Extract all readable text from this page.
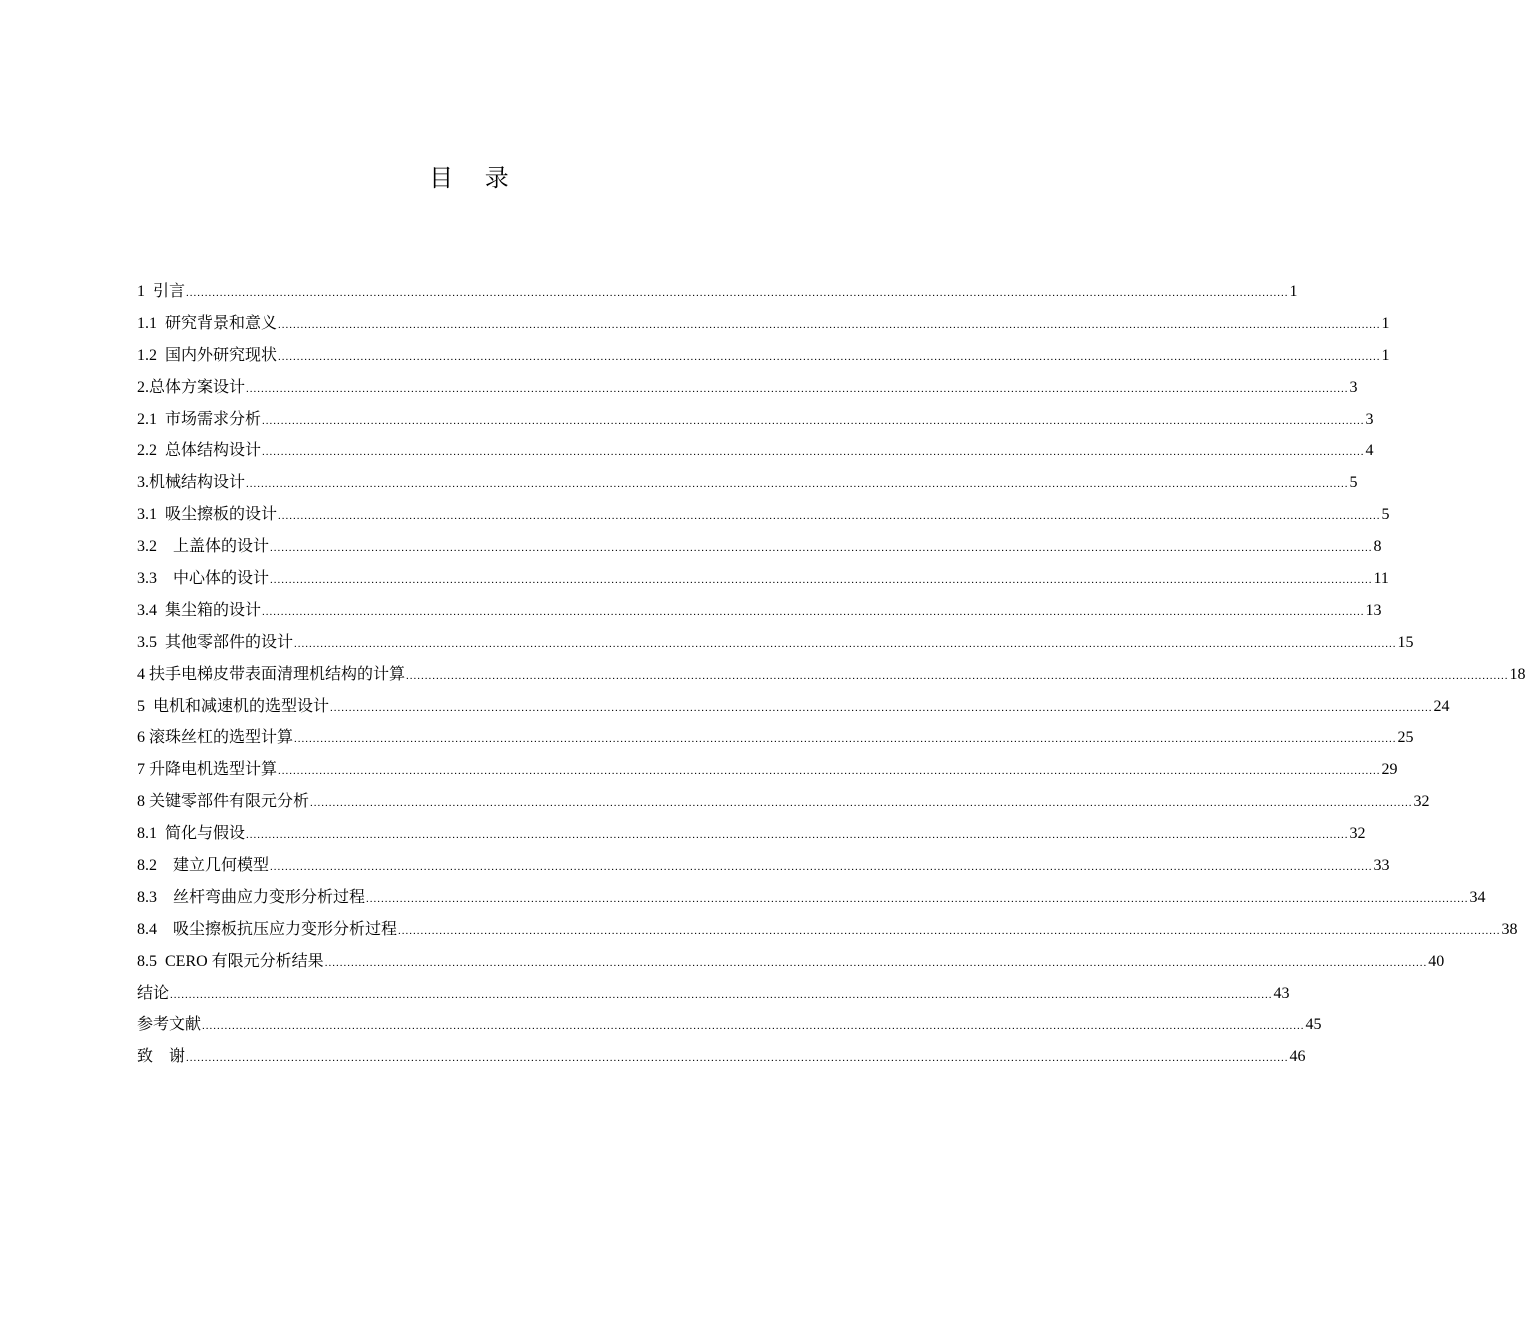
目 录
1  引言 ...................................................................................................................................................................................................................................................................................................... 1
1.1  研究背景和意义 ...................................................................................................................................................................................................................................................................................................... 1
1.2  国内外研究现状 ...................................................................................................................................................................................................................................................................................................... 1
2.总体方案设计 ...................................................................................................................................................................................................................................................................................................... 3
2.1  市场需求分析 ...................................................................................................................................................................................................................................................................................................... 3
2.2  总体结构设计 ...................................................................................................................................................................................................................................................................................................... 4
3.机械结构设计 ...................................................................................................................................................................................................................................................................................................... 5
3.1  吸尘擦板的设计 ...................................................................................................................................................................................................................................................................................................... 5
3.2    上盖体的设计 ...................................................................................................................................................................................................................................................................................................... 8
3.3    中心体的设计 ...................................................................................................................................................................................................................................................................................................... 11
3.4  集尘箱的设计 ...................................................................................................................................................................................................................................................................................................... 13
3.5  其他零部件的设计 ...................................................................................................................................................................................................................................................................................................... 15
4 扶手电梯皮带表面清理机结构的计算 ...................................................................................................................................................................................................................................................................................................... 18
5  电机和减速机的选型设计 ...................................................................................................................................................................................................................................................................................................... 24
6 滚珠丝杠的选型计算 ...................................................................................................................................................................................................................................................................................................... 25
7 升降电机选型计算 ...................................................................................................................................................................................................................................................................................................... 29
8 关键零部件有限元分析 ...................................................................................................................................................................................................................................................................................................... 32
8.1  简化与假设 ...................................................................................................................................................................................................................................................................................................... 32
8.2    建立几何模型 ...................................................................................................................................................................................................................................................................................................... 33
8.3    丝杆弯曲应力变形分析过程 ...................................................................................................................................................................................................................................................................................................... 34
8.4    吸尘擦板抗压应力变形分析过程 ...................................................................................................................................................................................................................................................................................................... 38
8.5  CERO 有限元分析结果 ...................................................................................................................................................................................................................................................................................................... 40
结论 ...................................................................................................................................................................................................................................................................................................... 43
参考文献 ...................................................................................................................................................................................................................................................................................................... 45
致    谢 ...................................................................................................................................................................................................................................................................................................... 46
